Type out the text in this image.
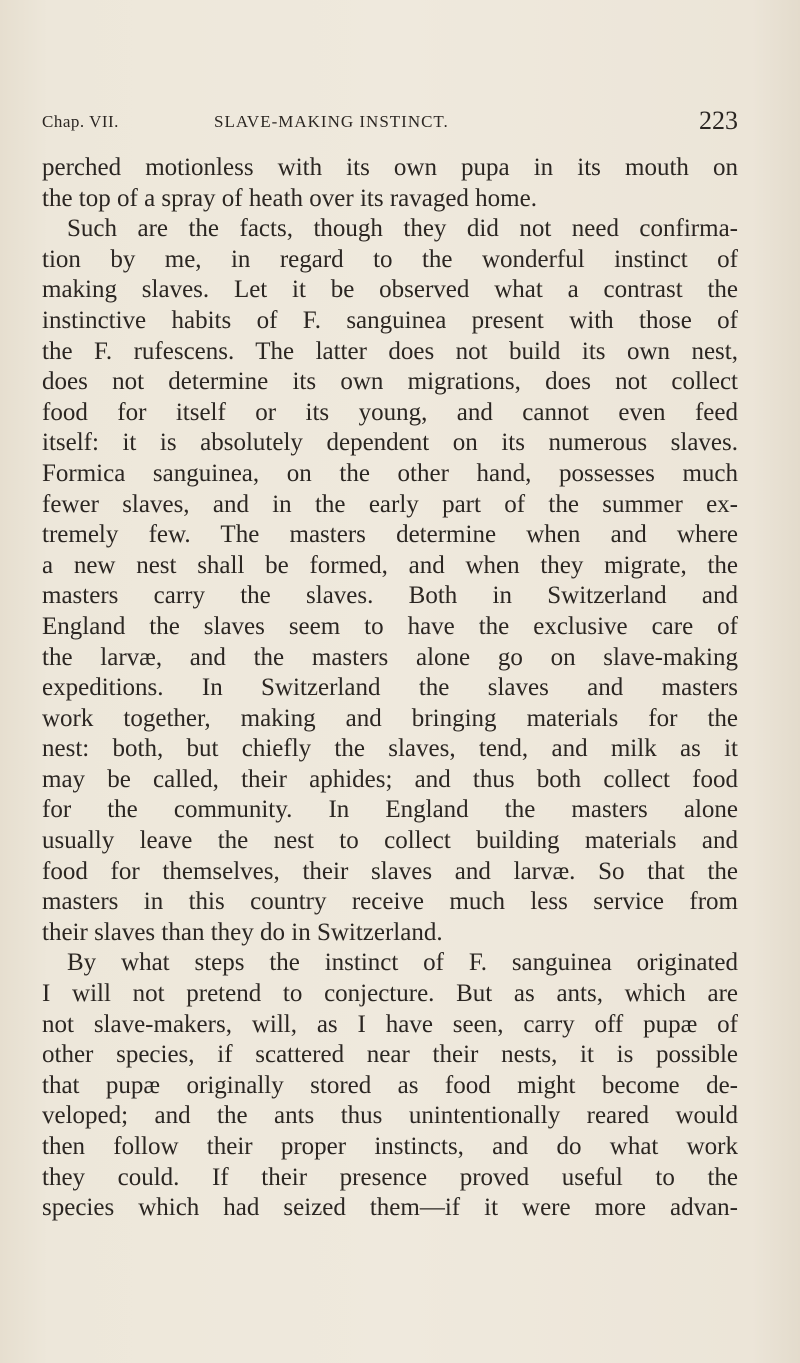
Chap. VII.	SLAVE-MAKING INSTINCT.	223
perched motionless with its own pupa in its mouth on
the top of a spray of heath over its ravaged home.
Such are the facts, though they did not need confirma-
tion by me, in regard to the wonderful instinct of
making slaves. Let it be observed what a contrast the
instinctive habits of F. sanguinea present with those of
the F. rufescens. The latter does not build its own nest,
does not determine its own migrations, does not collect
food for itself or its young, and cannot even feed
itself: it is absolutely dependent on its numerous slaves.
Formica sanguinea, on the other hand, possesses much
fewer slaves, and in the early part of the summer ex-
tremely few. The masters determine when and where
a new nest shall be formed, and when they migrate, the
masters carry the slaves. Both in Switzerland and
England the slaves seem to have the exclusive care of
the larvæ, and the masters alone go on slave-making
expeditions. In Switzerland the slaves and masters
work together, making and bringing materials for the
nest: both, but chiefly the slaves, tend, and milk as it
may be called, their aphides; and thus both collect food
for the community. In England the masters alone
usually leave the nest to collect building materials and
food for themselves, their slaves and larvæ. So that the
masters in this country receive much less service from
their slaves than they do in Switzerland.
By what steps the instinct of F. sanguinea originated
I will not pretend to conjecture. But as ants, which are
not slave-makers, will, as I have seen, carry off pupæ of
other species, if scattered near their nests, it is possible
that pupæ originally stored as food might become de-
veloped; and the ants thus unintentionally reared would
then follow their proper instincts, and do what work
they could. If their presence proved useful to the
species which had seized them—if it were more advan-
